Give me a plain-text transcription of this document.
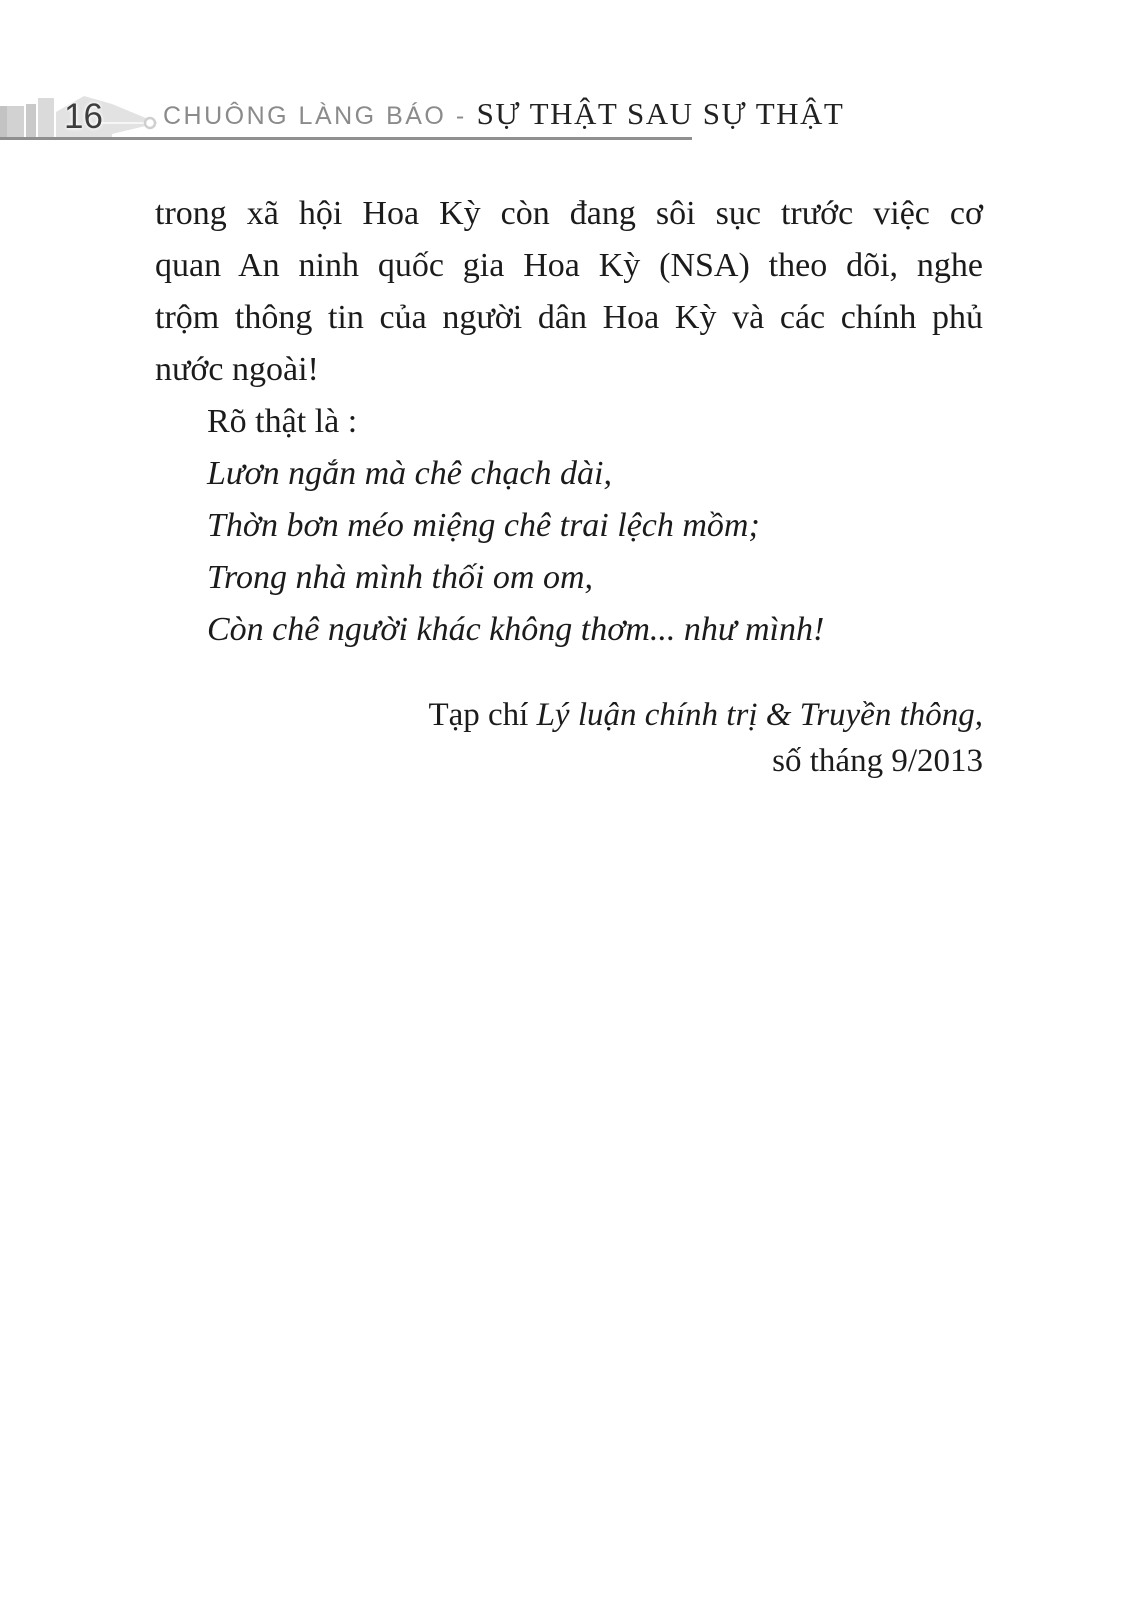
16 CHUÔNG LÀNG BÁO - SỰ THẬT SAU SỰ THẬT
trong xã hội Hoa Kỳ còn đang sôi sục trước việc cơ
quan An ninh quốc gia Hoa Kỳ (NSA) theo dõi, nghe
trộm thông tin của người dân Hoa Kỳ và các chính phủ
nước ngoài!
Rõ thật là :
Lươn ngắn mà chê chạch dài,
Thờn bơn méo miệng chê trai lệch mồm;
Trong nhà mình thối om om,
Còn chê người khác không thơm... như mình!
Tạp chí Lý luận chính trị & Truyền thông,
số tháng 9/2013
